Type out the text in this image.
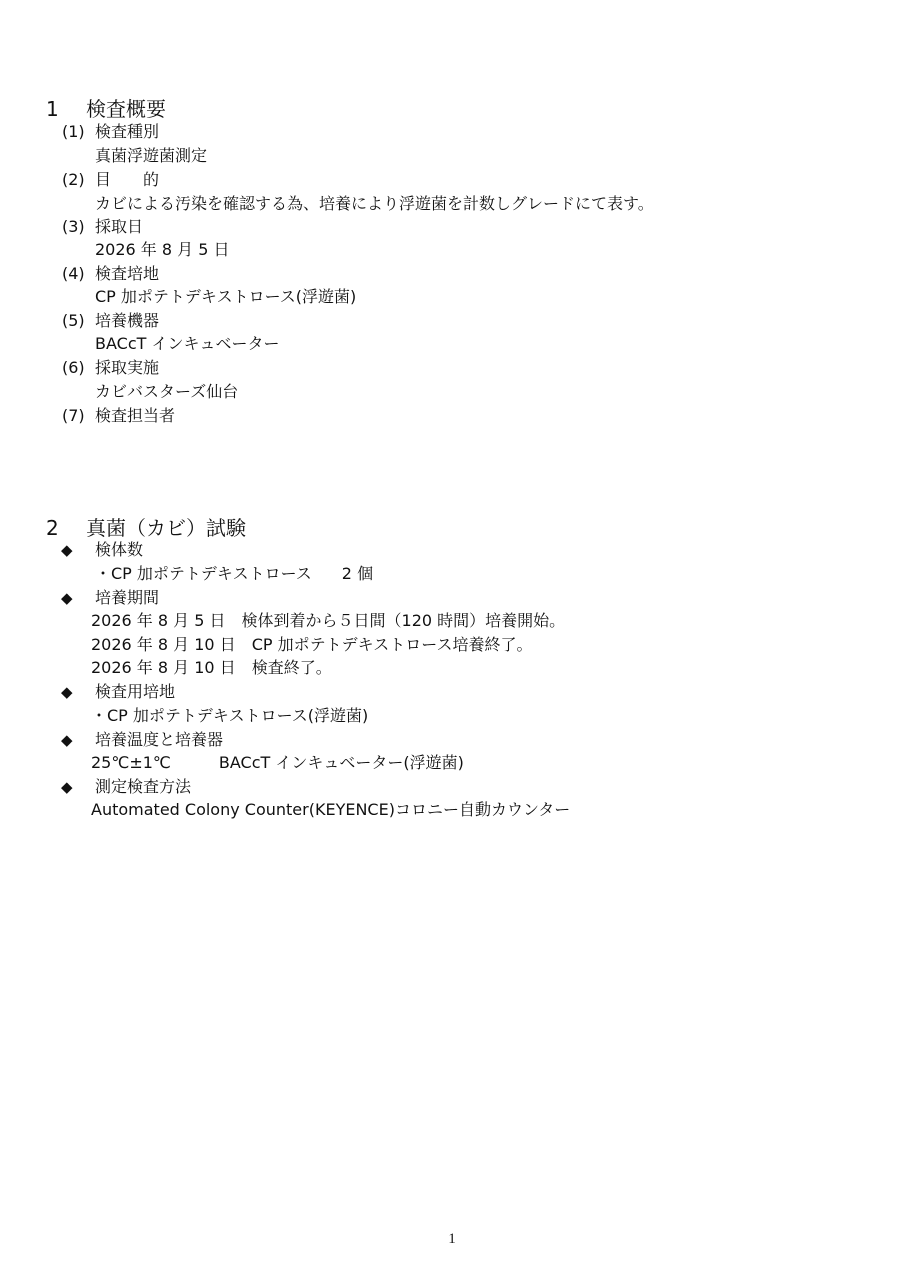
1 検査概要
(1) 検査種別
真菌浮遊菌測定
(2) 目　　的
カビによる汚染を確認する為、培養により浮遊菌を計数しグレードにて表す。
(3) 採取日
2026 年 8 月 5 日
(4) 検査培地
CP 加ポテトデキストロース(浮遊菌)
(5) 培養機器
BACcT インキュベーター
(6) 採取実施
カビバスターズ仙台
(7) 検査担当者
2 真菌（カビ）試験
◆ 検体数
・CP 加ポテトデキストロース 2 個
◆ 培養期間
2026 年 8 月 5 日　検体到着から５日間（120 時間）培養開始。
2026 年 8 月 10 日　CP 加ポテトデキストロース培養終了。
2026 年 8 月 10 日　検査終了。
◆ 検査用培地
・CP 加ポテトデキストロース(浮遊菌)
◆ 培養温度と培養器
25℃±1℃	BACcT インキュベーター(浮遊菌)
◆ 測定検査方法
Automated Colony Counter(KEYENCE)コロニー自動カウンター
1
